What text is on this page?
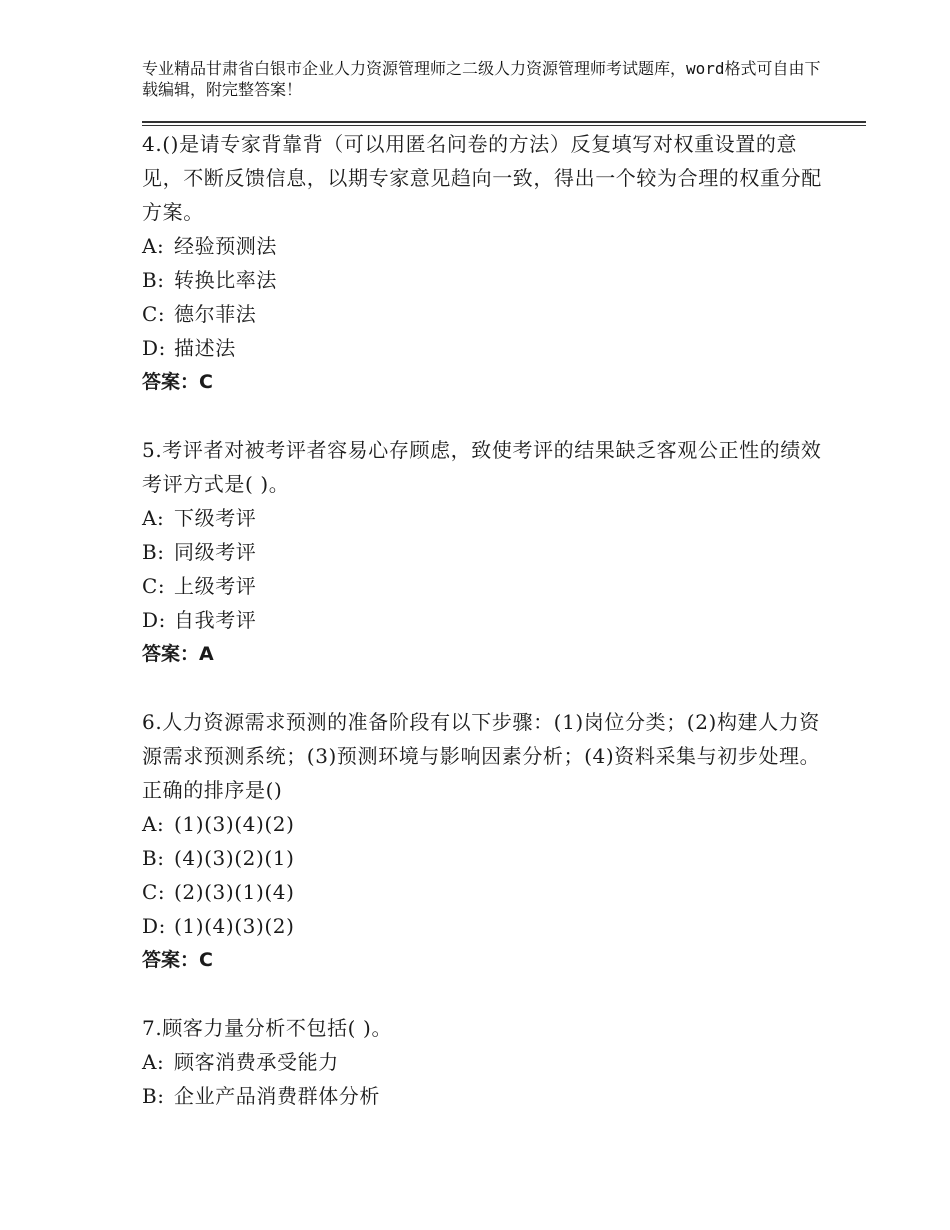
专业精品甘肃省白银市企业人力资源管理师之二级人力资源管理师考试题库，word格式可自由下载编辑，附完整答案！
4.()是请专家背靠背（可以用匿名问卷的方法）反复填写对权重设置的意见，不断反馈信息，以期专家意见趋向一致，得出一个较为合理的权重分配方案。
A: 经验预测法
B: 转换比率法
C: 德尔菲法
D: 描述法
答案：C
5.考评者对被考评者容易心存顾虑，致使考评的结果缺乏客观公正性的绩效考评方式是( )。
A: 下级考评
B: 同级考评
C: 上级考评
D: 自我考评
答案：A
6.人力资源需求预测的准备阶段有以下步骤：(1)岗位分类；(2)构建人力资源需求预测系统；(3)预测环境与影响因素分析；(4)资料采集与初步处理。正确的排序是()
A: (1)(3)(4)(2)
B: (4)(3)(2)(1)
C: (2)(3)(1)(4)
D: (1)(4)(3)(2)
答案：C
7.顾客力量分析不包括( )。
A: 顾客消费承受能力
B: 企业产品消费群体分析
